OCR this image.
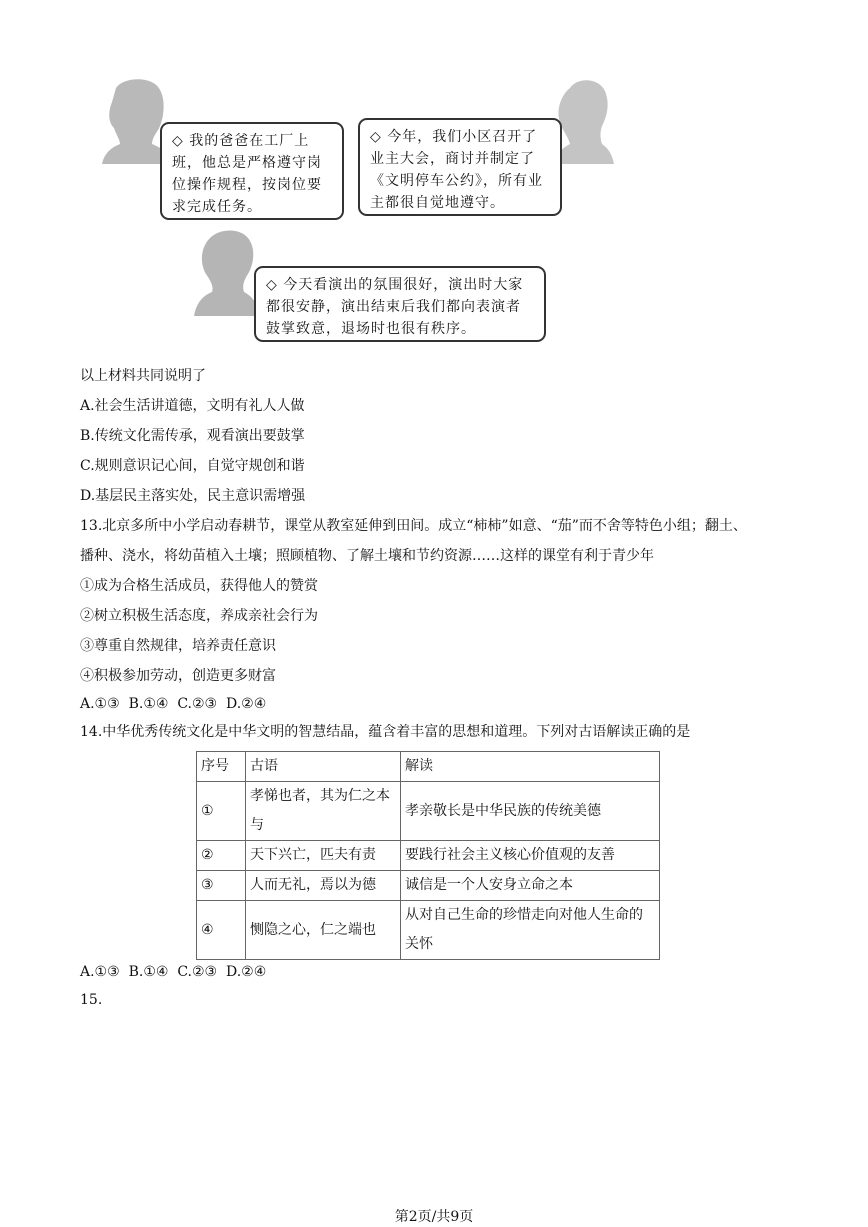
◇ 我的爸爸在工厂上班，他总是严格遵守岗位操作规程，按岗位要求完成任务。
◇ 今年，我们小区召开了业主大会，商讨并制定了《文明停车公约》，所有业主都很自觉地遵守。
◇ 今天看演出的氛围很好，演出时大家都很安静，演出结束后我们都向表演者鼓掌致意，退场时也很有秩序。
以上材料共同说明了
A.社会生活讲道德，文明有礼人人做
B.传统文化需传承，观看演出要鼓掌
C.规则意识记心间，自觉守规创和谐
D.基层民主落实处，民主意识需增强
13.北京多所中小学启动春耕节，课堂从教室延伸到田间。成立“柿柿”如意、“茄”而不舍等特色小组；翻土、
播种、浇水，将幼苗植入土壤；照顾植物、了解土壤和节约资源……这样的课堂有利于青少年
①成为合格生活成员，获得他人的赞赏
②树立积极生活态度，养成亲社会行为
③尊重自然规律，培养责任意识
④积极参加劳动，创造更多财富
A.①③ B.①④ C.②③ D.②④
14.中华优秀传统文化是中华文明的智慧结晶，蕴含着丰富的思想和道理。下列对古语解读正确的是
序号	古语	解读
①	孝悌也者，其为仁之本与	孝亲敬长是中华民族的传统美德
②	天下兴亡，匹夫有责	要践行社会主义核心价值观的友善
③	人而无礼，焉以为德	诚信是一个人安身立命之本
④	恻隐之心，仁之端也	从对自己生命的珍惜走向对他人生命的关怀
A.①③ B.①④ C.②③ D.②④
15.
第2页/共9页
